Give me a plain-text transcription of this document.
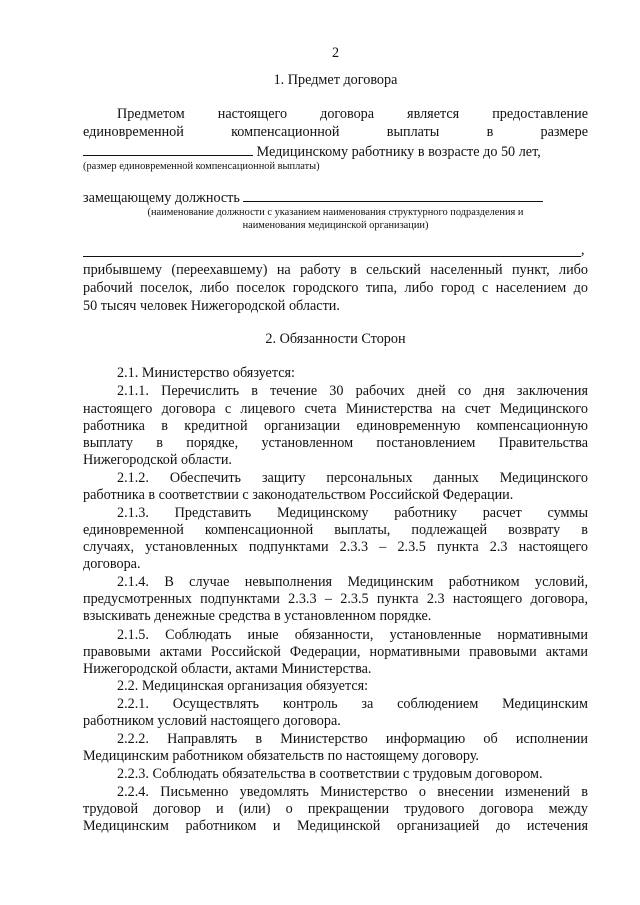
2
1. Предмет договора
Предметом настоящего договора является предоставление
единовременной компенсационной выплаты в размере
Медицинскому работнику в возрасте до 50 лет,
(размер единовременной компенсационной выплаты)
замещающему должность
(наименование должности с указанием наименования структурного подразделения и
наименования медицинской организации)
,
прибывшему (переехавшему) на работу в сельский населенный пункт, либо
рабочий поселок, либо поселок городского типа, либо город с населением до
50 тысяч человек Нижегородской области.
2. Обязанности Сторон
2.1. Министерство обязуется:
2.1.1. Перечислить в течение 30 рабочих дней со дня заключения
настоящего договора с лицевого счета Министерства на счет Медицинского
работника в кредитной организации единовременную компенсационную
выплату в порядке, установленном постановлением Правительства
Нижегородской области.
2.1.2. Обеспечить защиту персональных данных Медицинского
работника в соответствии с законодательством Российской Федерации.
2.1.3. Представить Медицинскому работнику расчет суммы
единовременной компенсационной выплаты, подлежащей возврату в
случаях, установленных подпунктами 2.3.3 – 2.3.5 пункта 2.3 настоящего
договора.
2.1.4. В случае невыполнения Медицинским работником условий,
предусмотренных подпунктами 2.3.3 – 2.3.5 пункта 2.3 настоящего договора,
взыскивать денежные средства в установленном порядке.
2.1.5. Соблюдать иные обязанности, установленные нормативными
правовыми актами Российской Федерации, нормативными правовыми актами
Нижегородской области, актами Министерства.
2.2. Медицинская организация обязуется:
2.2.1. Осуществлять контроль за соблюдением Медицинским
работником условий настоящего договора.
2.2.2. Направлять в Министерство информацию об исполнении
Медицинским работником обязательств по настоящему договору.
2.2.3. Соблюдать обязательства в соответствии с трудовым договором.
2.2.4. Письменно уведомлять Министерство о внесении изменений в
трудовой договор и (или) о прекращении трудового договора между
Медицинским работником и Медицинской организацией до истечения
